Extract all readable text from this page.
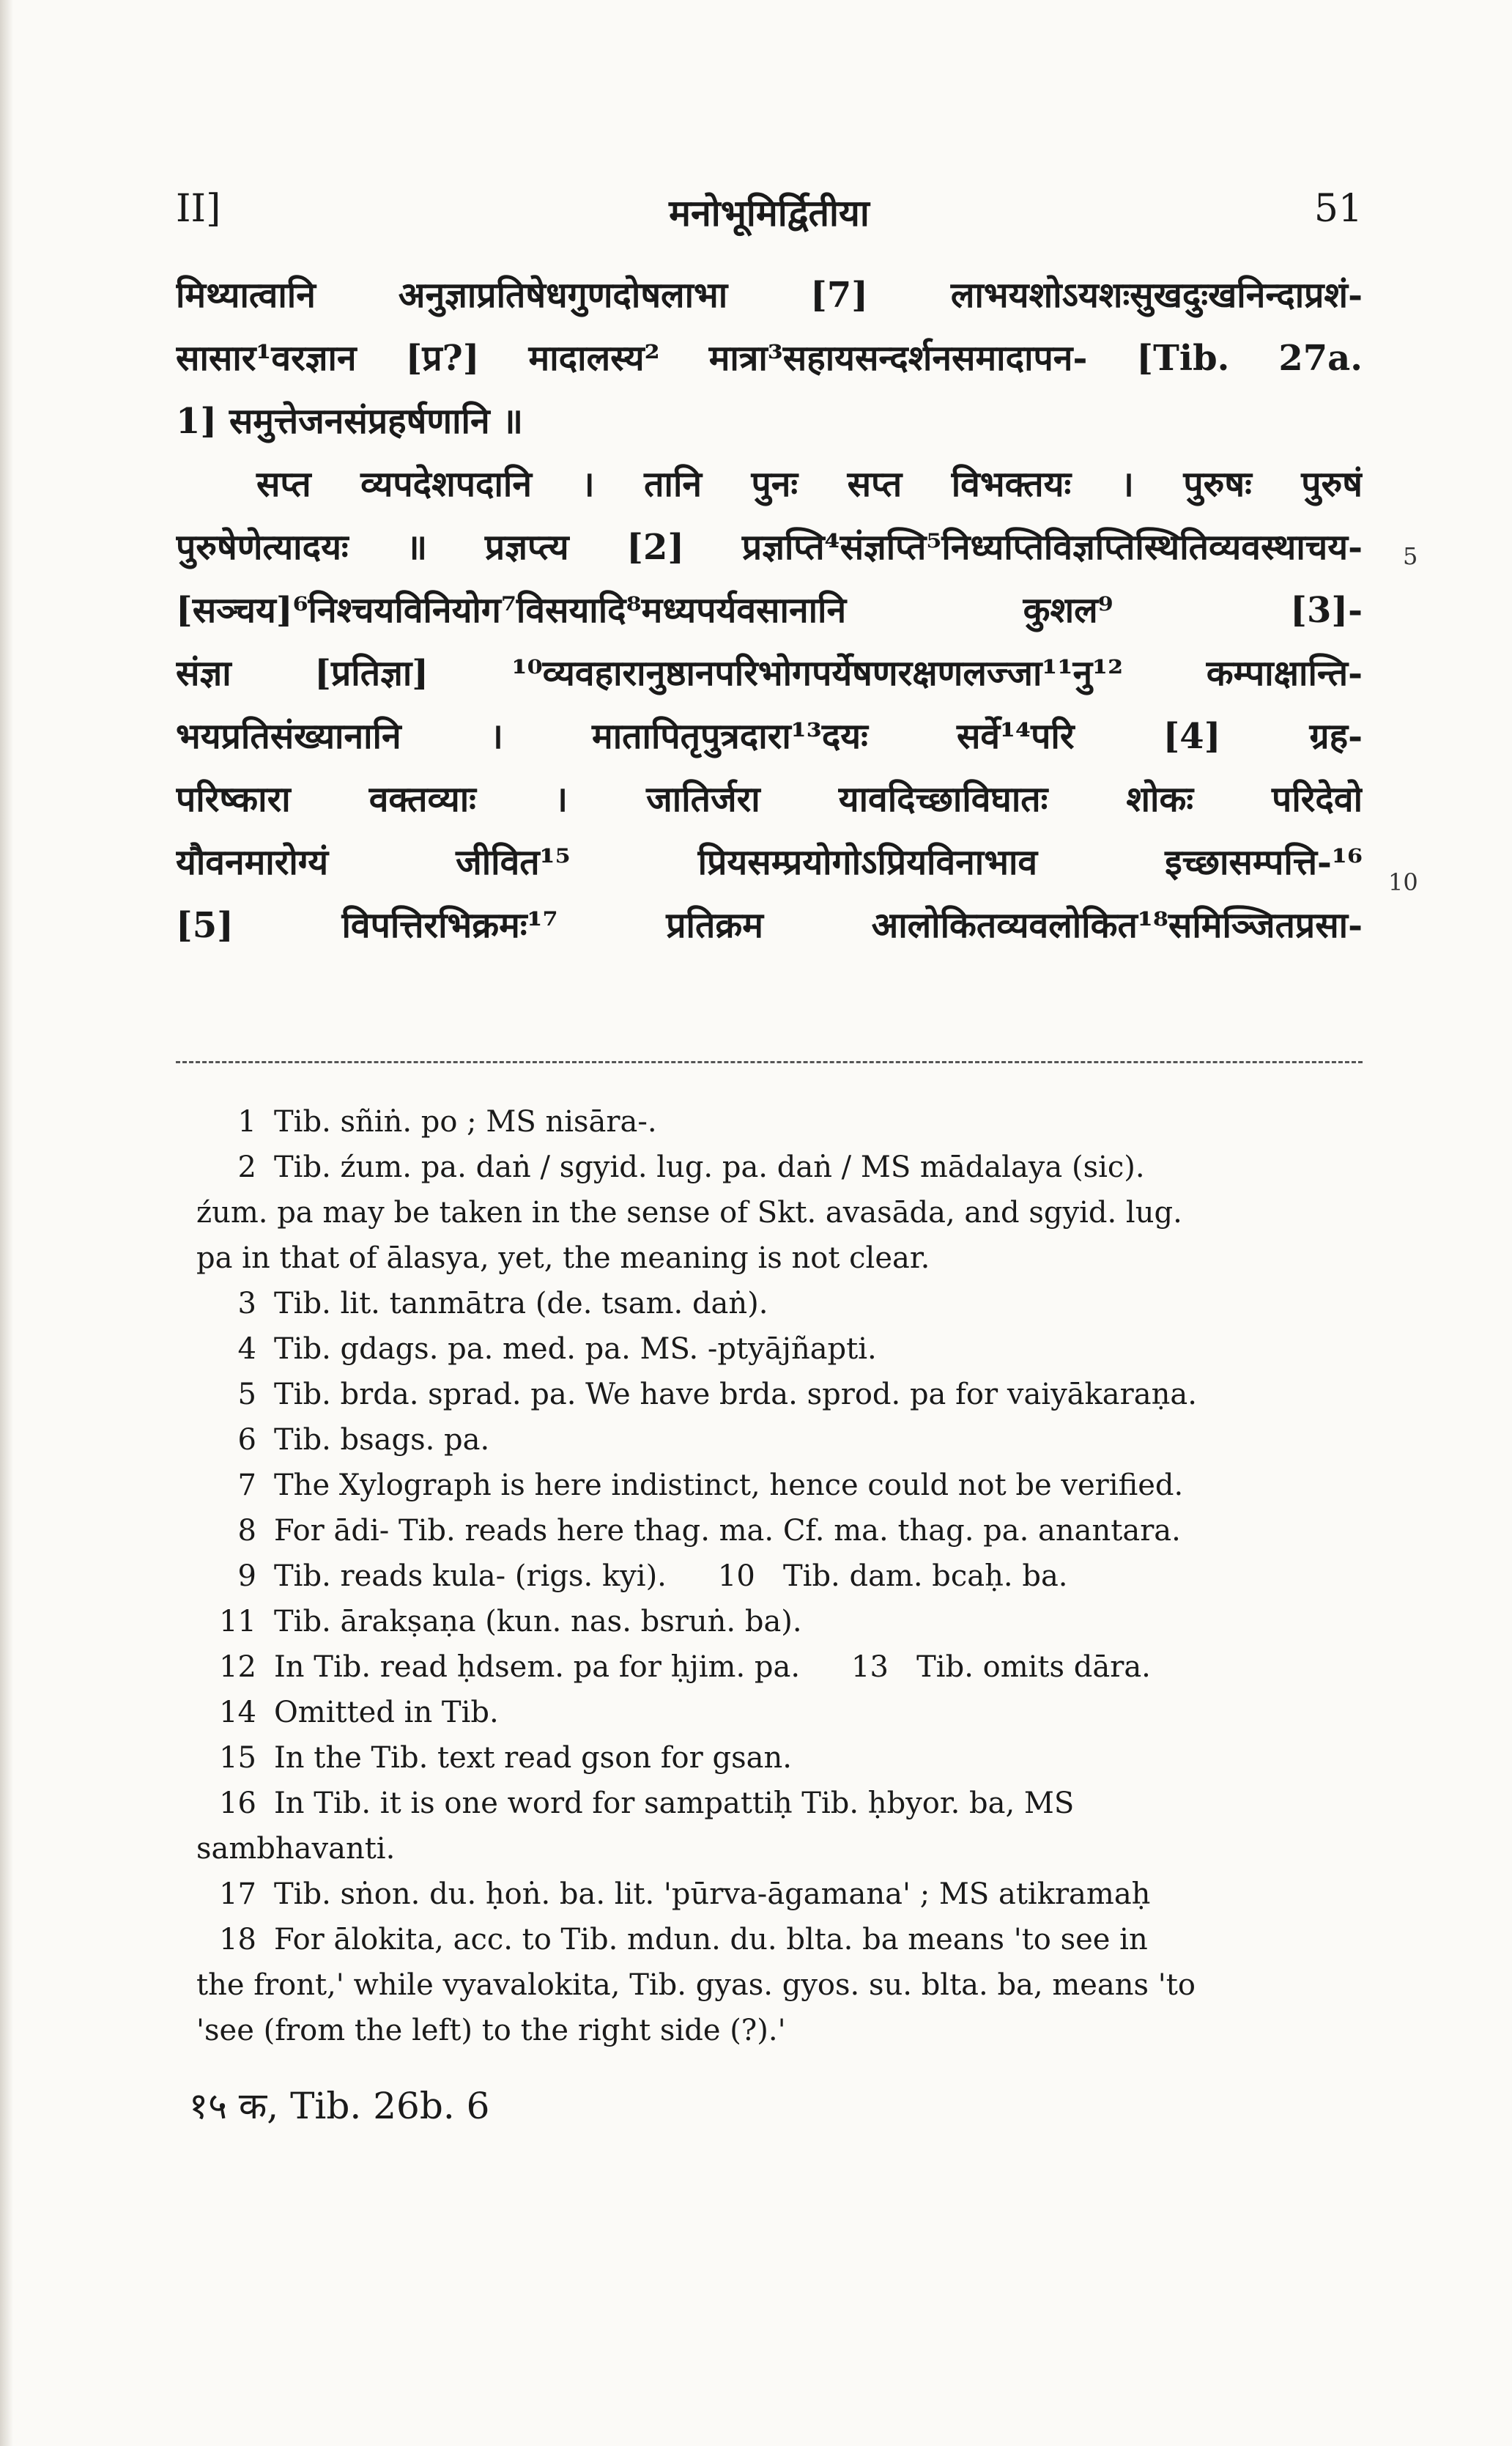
II]	मनोभूमिर्द्वितीया	51
मिथ्यात्वानि अनुज्ञाप्रतिषेधगुणदोषलाभा [7] लाभयशोऽयशःसुखदुःखनिन्दाप्रशं-
सासार¹वरज्ञान [प्र?] मादालस्य² मात्रा³सहायसन्दर्शनसमादापन- [Tib. 27a.
1] समुत्तेजनसंप्रहर्षणानि ॥
सप्त व्यपदेशपदानि । तानि पुनः सप्त विभक्तयः । पुरुषः पुरुषं
पुरुषेणेत्यादयः ॥ प्रज्ञप्त्य [2] प्रज्ञप्ति⁴संज्ञप्ति⁵निध्यप्तिविज्ञप्तिस्थितिव्यवस्थाचय-
[सञ्चय]⁶निश्चयविनियोग⁷विसयादि⁸मध्यपर्यवसानानि कुशल⁹ [3]-
संज्ञा [प्रतिज्ञा] ¹⁰व्यवहारानुष्ठानपरिभोगपर्येषणरक्षणलज्जा¹¹नु¹² कम्पाक्षान्ति-
भयप्रतिसंख्यानानि । मातापितृपुत्रदारा¹³दयः सर्वे¹⁴परि [4] ग्रह-
परिष्कारा वक्तव्याः । जातिर्जरा यावदिच्छाविघातः शोकः परिदेवो
यौवनमारोग्यं जीवित¹⁵ प्रियसम्प्रयोगोऽप्रियविनाभाव इच्छासम्पत्ति-¹⁶
[5] विपत्तिरभिक्रमः¹⁷ प्रतिक्रम आलोकितव्यवलोकित¹⁸समिञ्जितप्रसा-
5
10
1 Tib. sñiṅ. po ; MS nisāra-.
2 Tib. źum. pa. daṅ / sgyid. lug. pa. daṅ / MS mādalaya (sic).
źum. pa may be taken in the sense of Skt. avasāda, and sgyid. lug.
pa in that of ālasya, yet, the meaning is not clear.
3 Tib. lit. tanmātra (de. tsam. daṅ).
4 Tib. gdags. pa. med. pa. MS. -ptyājñapti.
5 Tib. brda. sprad. pa. We have brda. sprod. pa for vaiyākaraṇa.
6 Tib. bsags. pa.
7 The Xylograph is here indistinct, hence could not be verified.
8 For ādi- Tib. reads here thag. ma. Cf. ma. thag. pa. anantara.
9 Tib. reads kula- (rigs. kyi). 10 Tib. dam. bcaḥ. ba.
11 Tib. ārakṣaṇa (kun. nas. bsruṅ. ba).
12 In Tib. read ḥdsem. pa for ḥjim. pa. 13 Tib. omits dāra.
14 Omitted in Tib.
15 In the Tib. text read gson for gsan.
16 In Tib. it is one word for sampattiḥ Tib. ḥbyor. ba, MS
sambhavanti.
17 Tib. sṅon. du. ḥoṅ. ba. lit. 'pūrva-āgamana' ; MS atikramaḥ
18 For ālokita, acc. to Tib. mdun. du. blta. ba means 'to see in
the front,' while vyavalokita, Tib. gyas. gyos. su. blta. ba, means 'to
'see (from the left) to the right side (?).'
१५ क, Tib. 26b. 6
